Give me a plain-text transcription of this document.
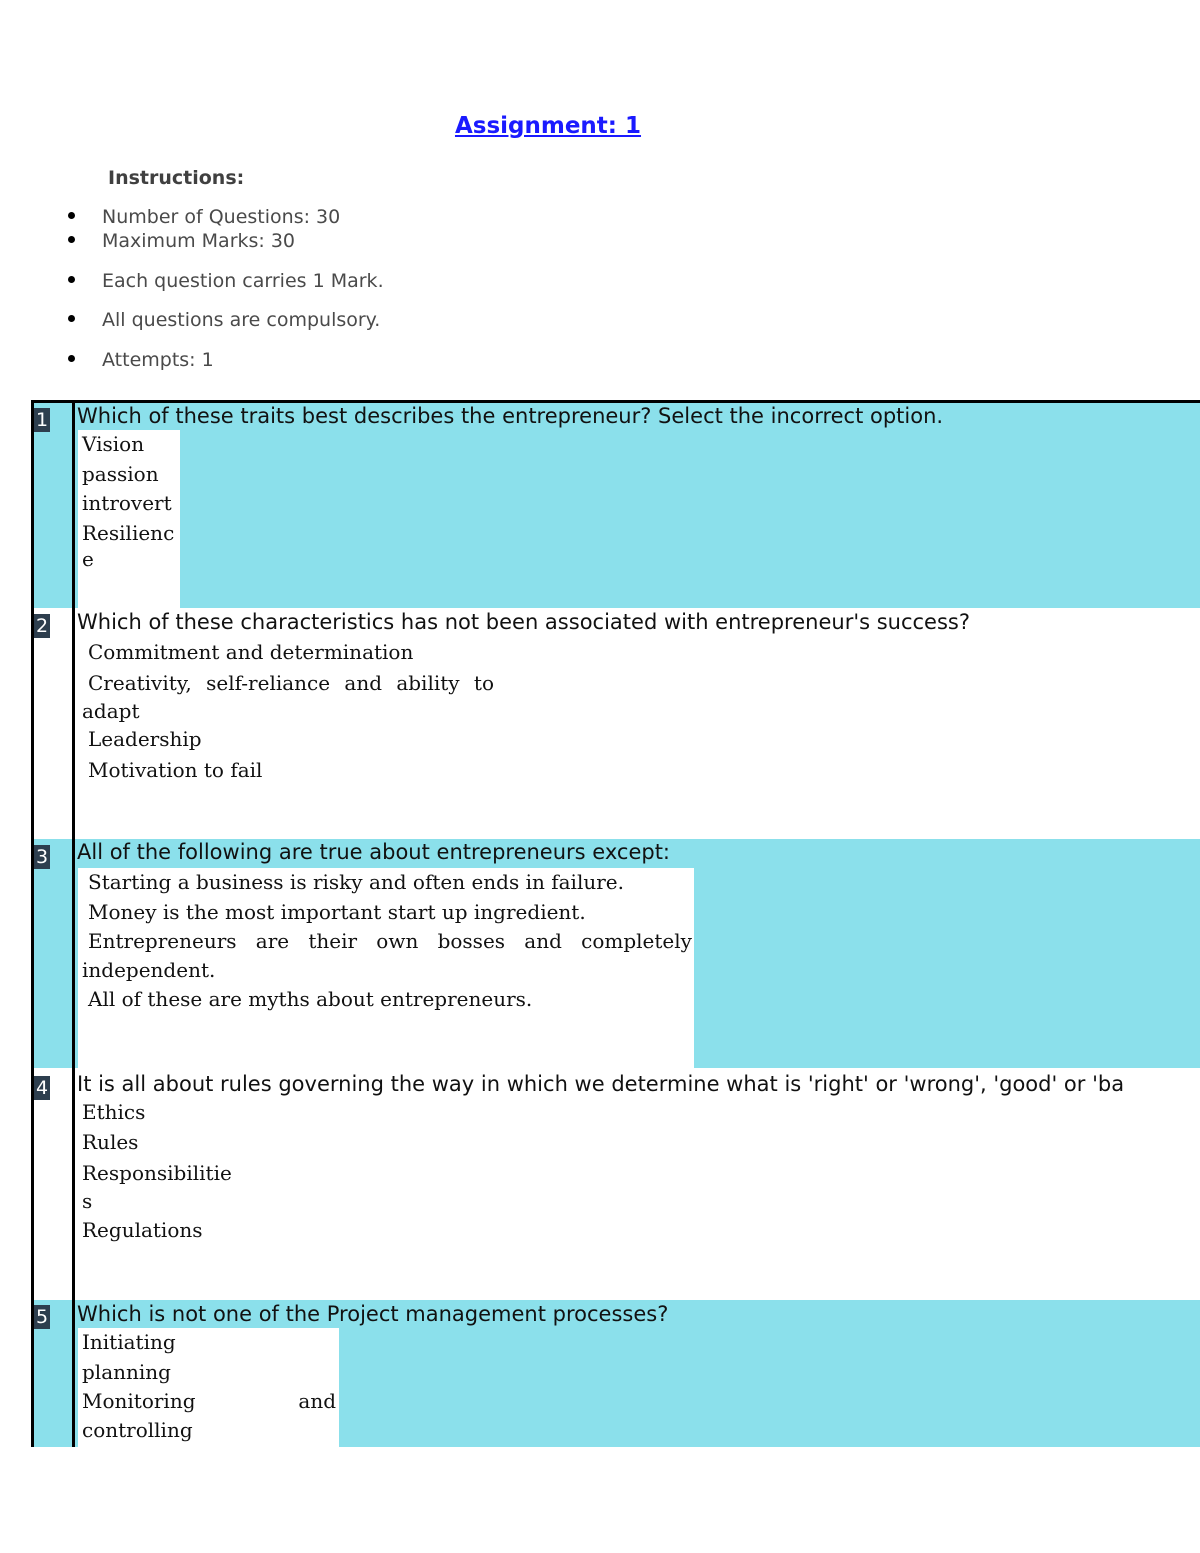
Assignment: 1
Instructions:
Number of Questions: 30
Maximum Marks: 30
Each question carries 1 Mark.
All questions are compulsory.
Attempts: 1
1 Which of these traits best describes the entrepreneur? Select the incorrect option.
Vision
passion
introvert
Resilienc
e
2 Which of these characteristics has not been associated with entrepreneur's success?
Commitment and determination
Creativity, self-reliance and ability to
adapt
Leadership
Motivation to fail
3 All of the following are true about entrepreneurs except:
Starting a business is risky and often ends in failure.
Money is the most important start up ingredient.
Entrepreneurs are their own bosses and completely
independent.
All of these are myths about entrepreneurs.
4 It is all about rules governing the way in which we determine what is 'right' or 'wrong', 'good' or 'ba
Ethics
Rules
Responsibilitie
s
Regulations
5 Which is not one of the Project management processes?
Initiating
planning
Monitoring	and
controlling
